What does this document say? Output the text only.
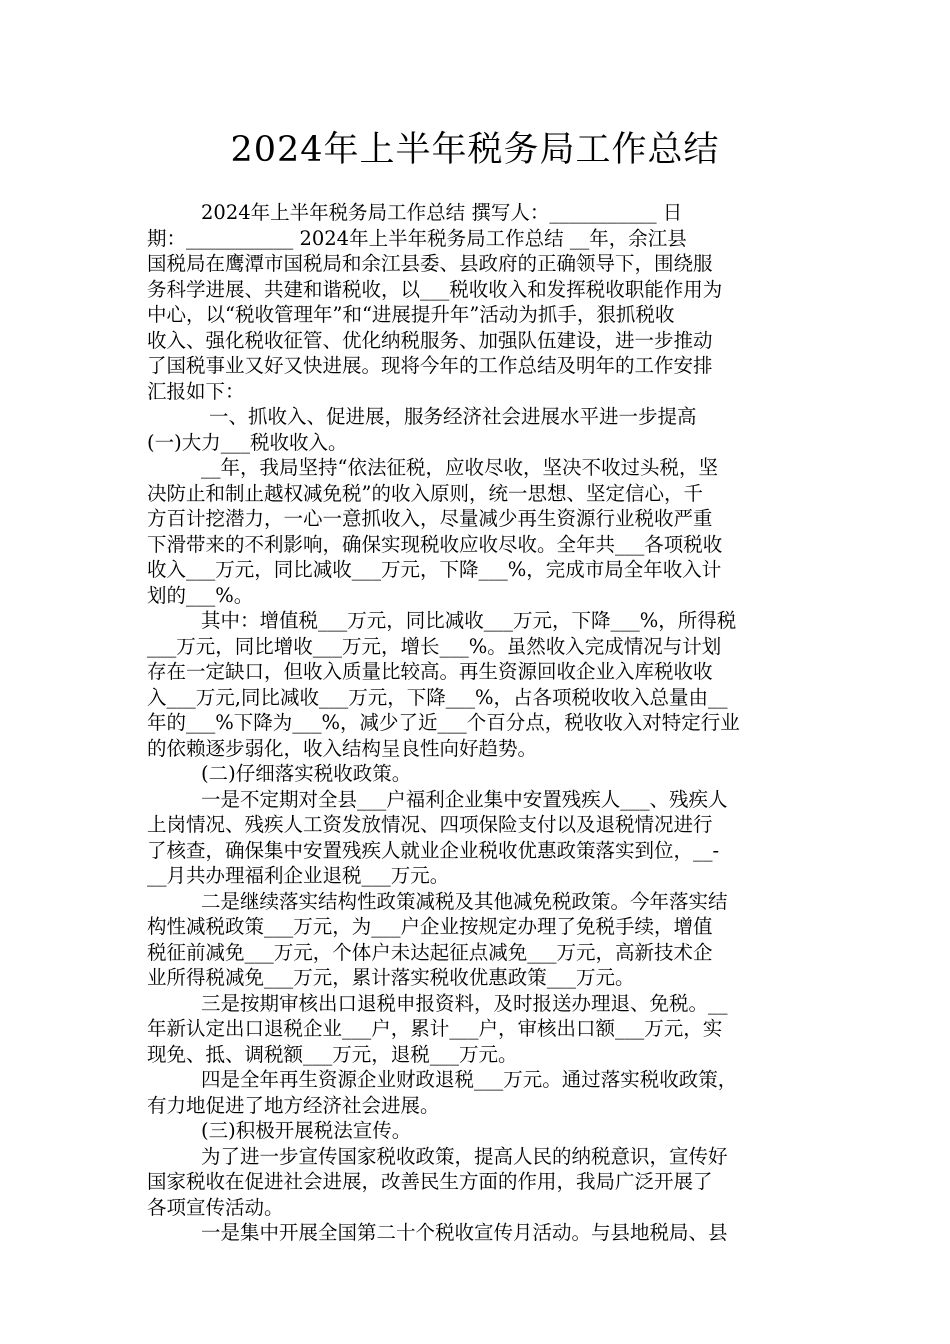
2024年上半年税务局工作总结
2024年上半年税务局工作总结 撰写人：___________ 日
期：___________ 2024年上半年税务局工作总结 __年，余江县
国税局在鹰潭市国税局和余江县委、县政府的正确领导下，围绕服
务科学进展、共建和谐税收，以___税收收入和发挥税收职能作用为
中心，以“税收管理年”和“进展提升年”活动为抓手，狠抓税收
收入、强化税收征管、优化纳税服务、加强队伍建设，进一步推动
了国税事业又好又快进展。现将今年的工作总结及明年的工作安排
汇报如下：
一、抓收入、促进展，服务经济社会进展水平进一步提高
(一)大力___税收收入。
__年，我局坚持“依法征税，应收尽收，坚决不收过头税，坚
决防止和制止越权减免税”的收入原则，统一思想、坚定信心，千
方百计挖潜力，一心一意抓收入，尽量减少再生资源行业税收严重
下滑带来的不利影响，确保实现税收应收尽收。全年共___各项税收
收入___万元，同比减收___万元，下降___%，完成市局全年收入计
划的___%。
其中：增值税___万元，同比减收___万元，下降___%，所得税
___万元，同比增收___万元，增长___%。虽然收入完成情况与计划
存在一定缺口，但收入质量比较高。再生资源回收企业入库税收收
入___万元,同比减收___万元，下降___%，占各项税收收入总量由__
年的___%下降为___%，减少了近___个百分点，税收收入对特定行业
的依赖逐步弱化，收入结构呈良性向好趋势。
(二)仔细落实税收政策。
一是不定期对全县___户福利企业集中安置残疾人___、残疾人
上岗情况、残疾人工资发放情况、四项保险支付以及退税情况进行
了核查，确保集中安置残疾人就业企业税收优惠政策落实到位，__-
__月共办理福利企业退税___万元。
二是继续落实结构性政策减税及其他减免税政策。今年落实结
构性减税政策___万元，为___户企业按规定办理了免税手续，增值
税征前减免___万元，个体户未达起征点减免___万元，高新技术企
业所得税减免___万元，累计落实税收优惠政策___万元。
三是按期审核出口退税申报资料，及时报送办理退、免税。__
年新认定出口退税企业___户，累计___户，审核出口额___万元，实
现免、抵、调税额___万元，退税___万元。
四是全年再生资源企业财政退税___万元。通过落实税收政策，
有力地促进了地方经济社会进展。
(三)积极开展税法宣传。
为了进一步宣传国家税收政策，提高人民的纳税意识，宣传好
国家税收在促进社会进展，改善民生方面的作用，我局广泛开展了
各项宣传活动。
一是集中开展全国第二十个税收宣传月活动。与县地税局、县
